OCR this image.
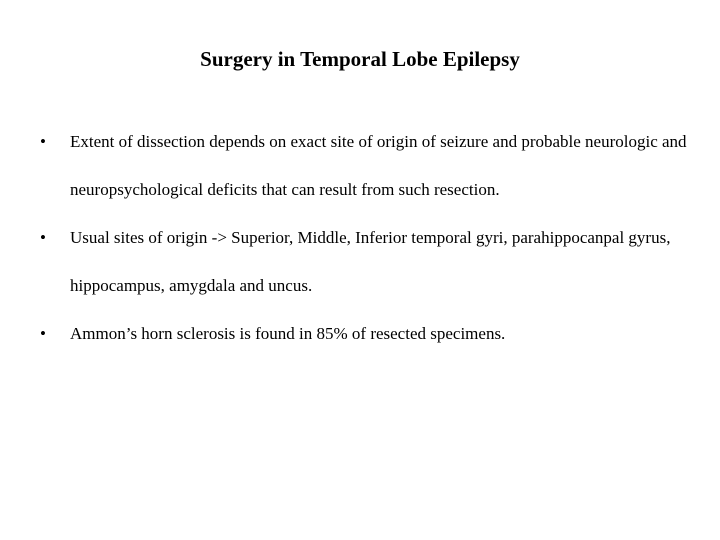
Surgery in Temporal Lobe Epilepsy
•	Extent of dissection depends on exact site of origin of seizure and probable neurologic and neuropsychological deficits that can result from such resection.
•	Usual sites of origin -> Superior, Middle, Inferior temporal gyri, parahippocanpal gyrus, hippocampus, amygdala and uncus.
•	Ammon’s horn sclerosis is found in 85% of resected specimens.
